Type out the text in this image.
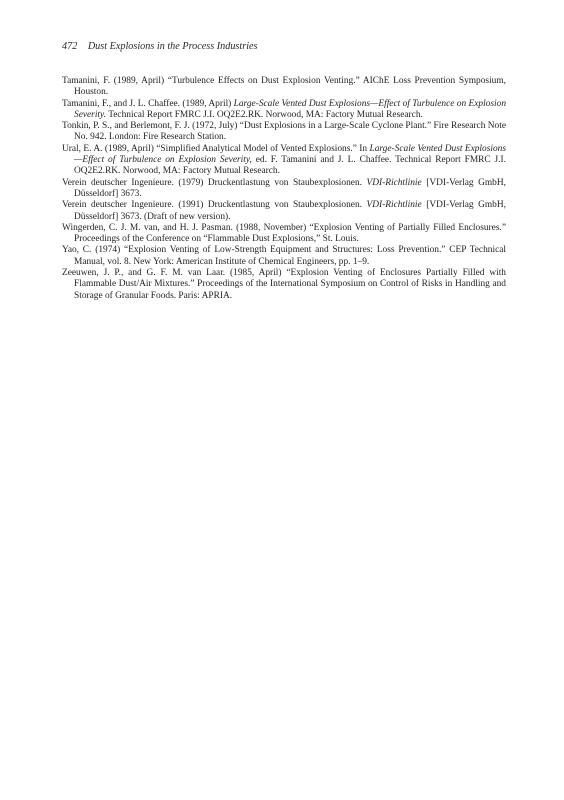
472 Dust Explosions in the Process Industries
Tamanini, F. (1989, April) “Turbulence Effects on Dust Explosion Venting.” AIChE Loss Prevention Symposium, Houston.
Tamanini, F., and J. L. Chaffee. (1989, April) Large-Scale Vented Dust Explosions—Effect of Turbulence on Explosion Severity. Technical Report FMRC J.I. OQ2E2.RK. Norwood, MA: Factory Mutual Research.
Tonkin, P. S., and Berlemont, F. J. (1972, July) “Dust Explosions in a Large-Scale Cyclone Plant.” Fire Research Note No. 942. London: Fire Research Station.
Ural, E. A. (1989, April) “Simplified Analytical Model of Vented Explosions.” In Large-Scale Vented Dust Explosions—Effect of Turbulence on Explosion Severity, ed. F. Tamanini and J. L. Chaffee. Technical Report FMRC J.I. OQ2E2.RK. Norwood, MA: Factory Mutual Research.
Verein deutscher Ingenieure. (1979) Druckentlastung von Staubexplosionen. VDI-Richtlinie [VDI-Verlag GmbH, Düsseldorf] 3673.
Verein deutscher Ingenieure. (1991) Druckentlastung von Staubexplosionen. VDI-Richtlinie [VDI-Verlag GmbH, Düsseldorf] 3673. (Draft of new version).
Wingerden, C. J. M. van, and H. J. Pasman. (1988, November) “Explosion Venting of Partially Filled Enclosures.” Proceedings of the Conference on “Flammable Dust Explosions,” St. Louis.
Yao, C. (1974) “Explosion Venting of Low-Strength Equipment and Structures: Loss Prevention.” CEP Technical Manual, vol. 8. New York: American Institute of Chemical Engineers, pp. 1–9.
Zeeuwen, J. P., and G. F. M. van Laar. (1985, April) “Explosion Venting of Enclosures Partially Filled with Flammable Dust/Air Mixtures.” Proceedings of the International Symposium on Control of Risks in Handling and Storage of Granular Foods. Paris: APRIA.
